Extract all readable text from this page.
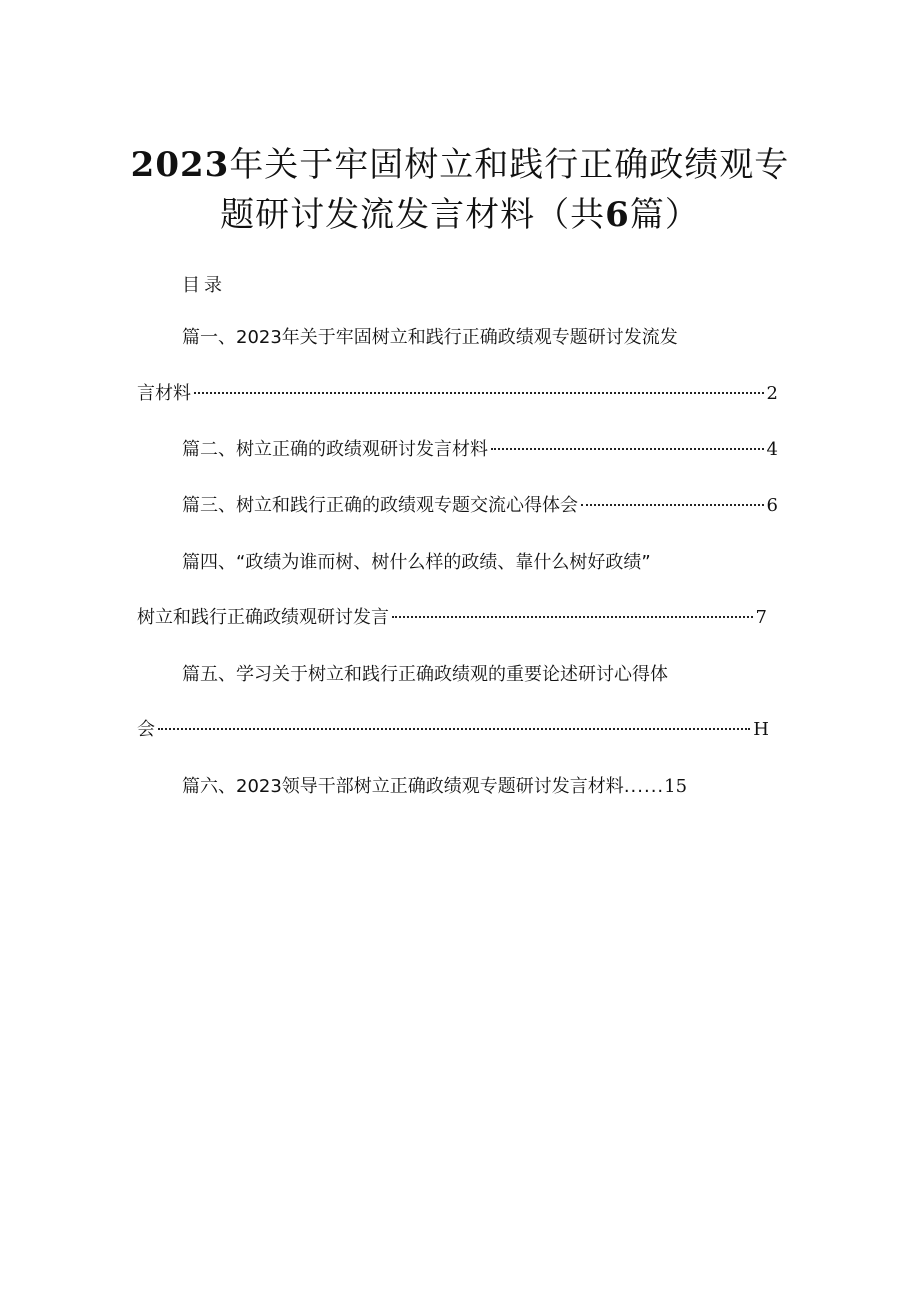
2023年关于牢固树立和践行正确政绩观专
题研讨发流发言材料（共6篇）
目录
篇一、2023年关于牢固树立和践行正确政绩观专题研讨发流发
言材料	2
篇二、树立正确的政绩观研讨发言材料	4
篇三、树立和践行正确的政绩观专题交流心得体会	6
篇四、“政绩为谁而树、树什么样的政绩、靠什么树好政绩”
树立和践行正确政绩观研讨发言	7
篇五、学习关于树立和践行正确政绩观的重要论述研讨心得体
会	H
篇六、2023领导干部树立正确政绩观专题研讨发言材料......15
